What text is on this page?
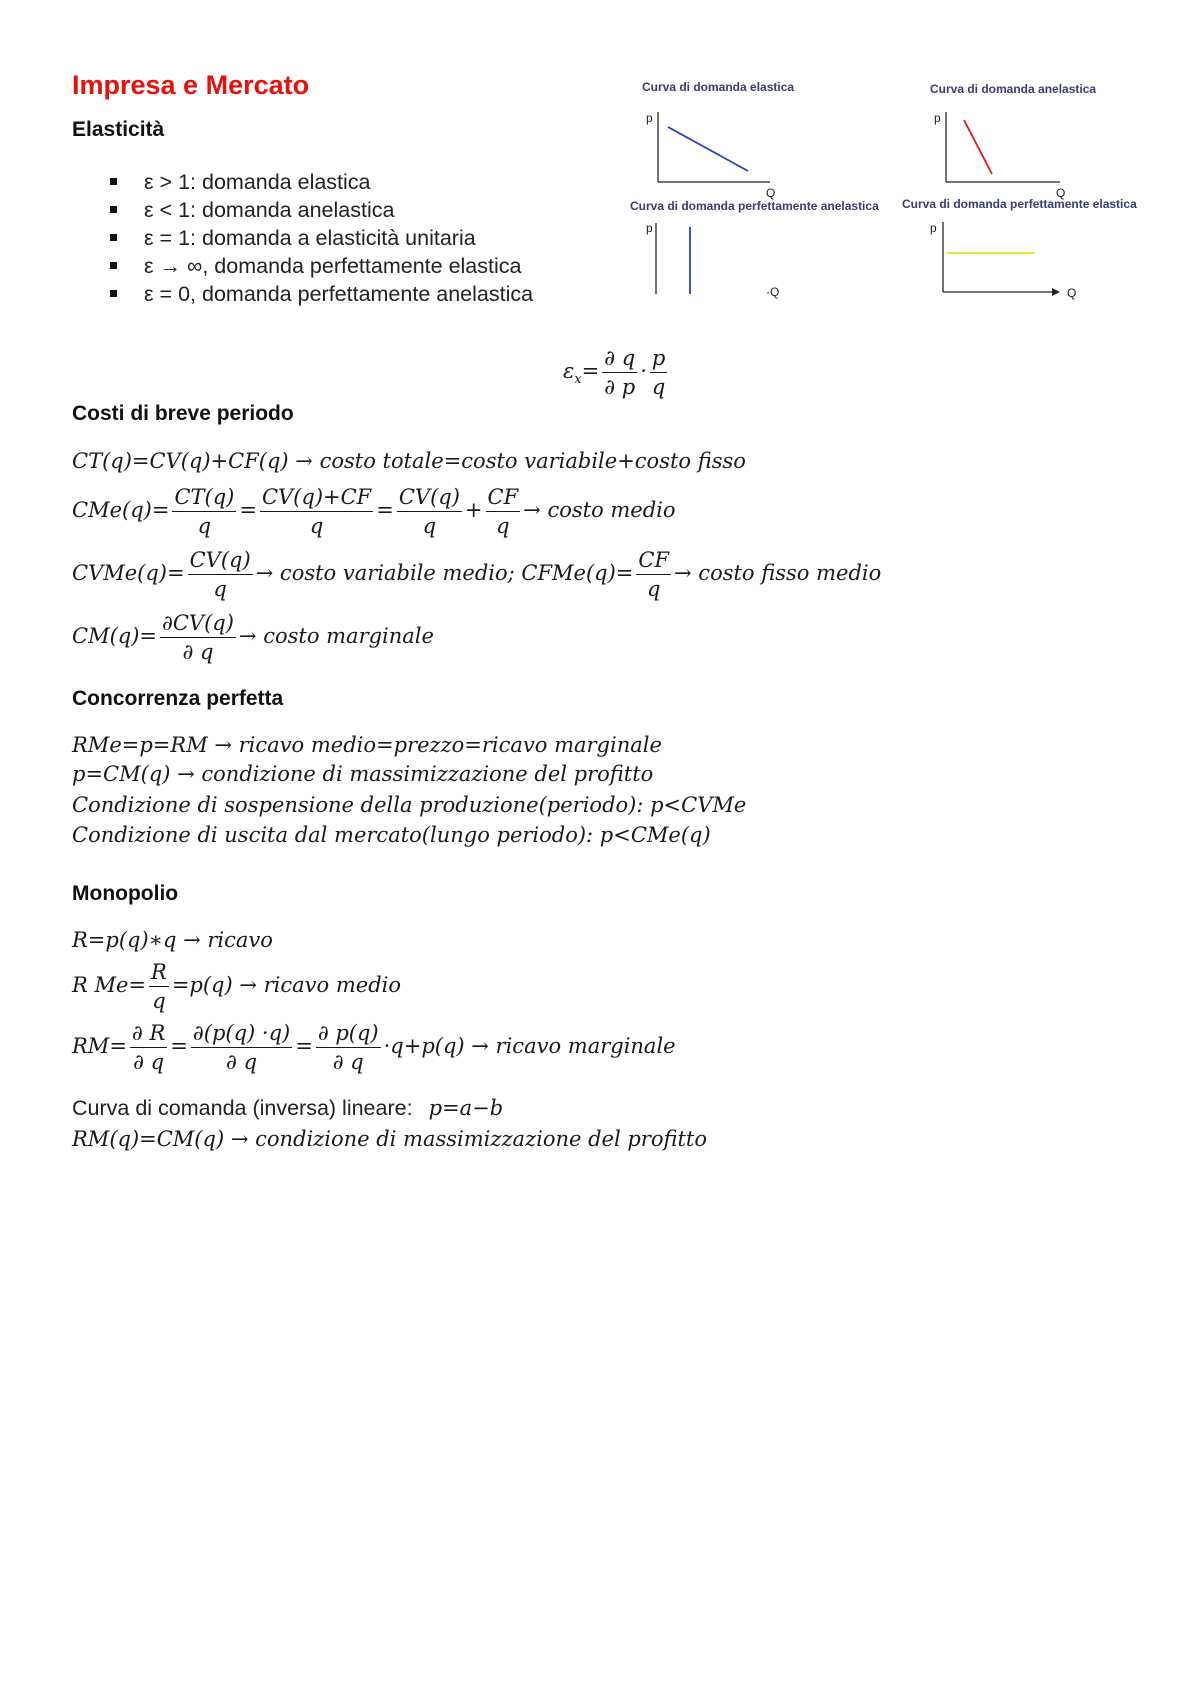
Impresa e Mercato
Elasticità
ε > 1: domanda elastica
ε < 1: domanda anelastica
ε = 1: domanda a elasticità unitaria
ε → ∞, domanda perfettamente elastica
ε = 0, domanda perfettamente anelastica
Curva di domanda elastica
p
Q
Curva di domanda anelastica
p
Q
Curva di domanda perfettamente anelastica
p
·Q
Curva di domanda perfettamente elastica
p
Q
$\varepsilon_x= \frac{\partial q}{\partial p} \cdot \frac{p}{q}$
Costi di breve periodo
CT(q)=CV(q)+CF(q) → costo totale=costo variabile+costo fisso
$CMe(q)= \frac{CT(q)}{q} = \frac{CV(q)+CF}{q} = \frac{CV(q)}{q} + \frac{CF}{q}$ → costo medio
CVMe(q)= $\frac{CV(q)}{q}$ → costo variabile medio; CFMe(q)= $\frac{CF}{q}$ → costo fisso medio
$CM(q)= \frac{\partial CV(q)}{\partial q}$ → costo marginale
Concorrenza perfetta
RMe=p=RM → ricavo medio=prezzo=ricavo marginale
p=CM(q) → condizione di massimizzazione del profitto
Condizione di sospensione della produzione(periodo): p<CVMe
Condizione di uscita dal mercato(lungo periodo): p<CMe(q)
Monopolio
R=p(q)∗q → ricavo
R $Me= \frac{R}{q} =p(q)$ → ricavo medio
$RM= \frac{\partial R}{\partial q} = \frac{\partial(p(q) \cdot q)}{\partial q} = \frac{\partial p(q)}{\partial q} \cdot q+p(q)$ → ricavo marginale
Curva di comanda (inversa) lineare: p=a−b
RM(q)=CM(q) → condizione di massimizzazione del profitto
